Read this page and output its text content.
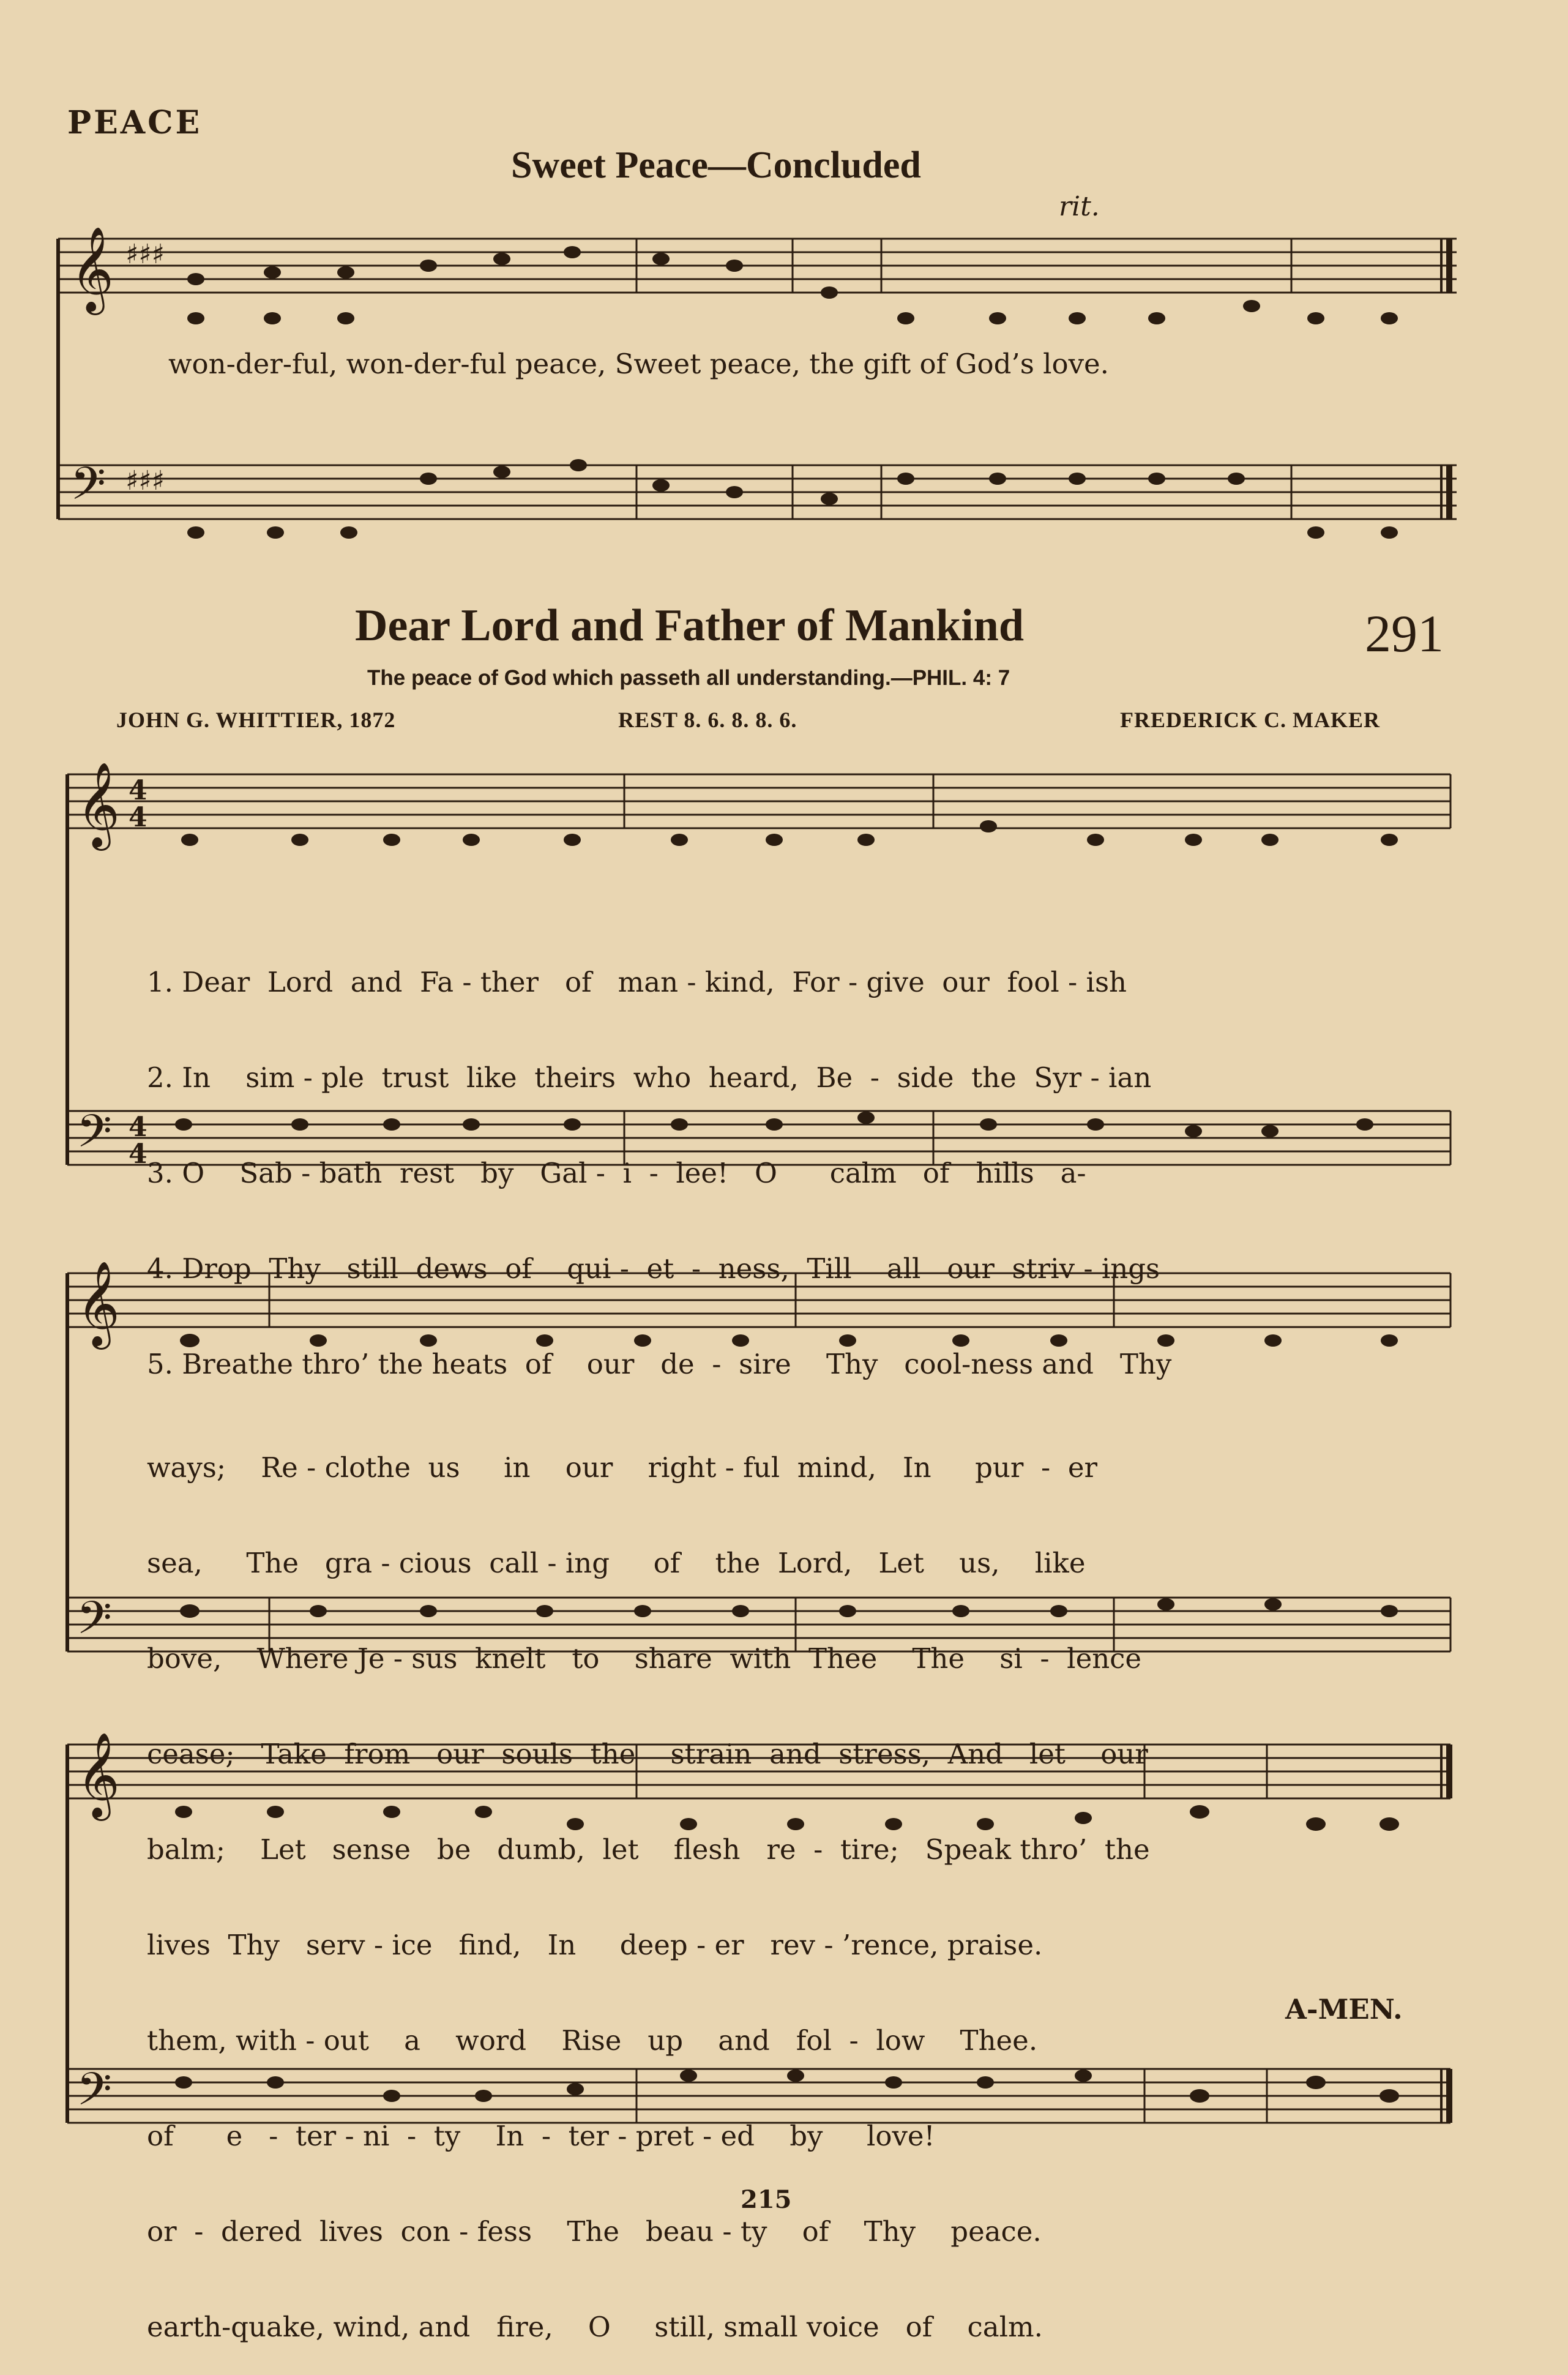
PEACE
Sweet Peace—Concluded
rit.
𝄞
𝄢
♯♯♯
♯♯♯
won-der-ful, won-der-ful peace, Sweet peace, the gift of God’s love.
Dear Lord and Father of Mankind	291
The peace of God which passeth all understanding.—PHIL. 4: 7
JOHN G. WHITTIER, 1872	REST 8. 6. 8. 8. 6.	FREDERICK C. MAKER
𝄞
𝄢
4
4
4
4

1. Dear  Lord  and  Fa - ther   of   man - kind,  For - give  our  fool - ish

2. In    sim - ple  trust  like  theirs  who  heard,  Be  -  side  the  Syr - ian

3. O    Sab - bath  rest   by   Gal -  i  -  lee!   O      calm   of   hills   a-

4. Drop  Thy   still  dews  of    qui -  et  -  ness,  Till    all   our  striv - ings

5. Breathe thro’ the heats  of    our   de  -  sire    Thy   cool-ness and   Thy

𝄞
𝄢

ways;    Re - clothe  us     in    our    right - ful  mind,   In     pur  -  er

sea,     The   gra - cious  call - ing     of    the  Lord,   Let    us,    like

bove,    Where Je - sus  knelt   to    share  with  Thee    The    si  -  lence

cease;   Take  from   our  souls  the    strain  and  stress,  And   let    our

balm;    Let   sense   be   dumb,  let    flesh   re  -  tire;   Speak thro’  the

𝄞
𝄢

lives  Thy   serv - ice   find,   In     deep - er   rev - ’rence, praise.

them, with - out    a    word    Rise   up    and   fol  -  low    Thee.

of      e   -  ter - ni  -  ty    In  -  ter - pret - ed    by     love!

or  -  dered  lives  con - fess    The   beau - ty    of    Thy    peace.

earth-quake, wind, and   fire,    O     still, small voice   of    calm.

A-MEN.
215
